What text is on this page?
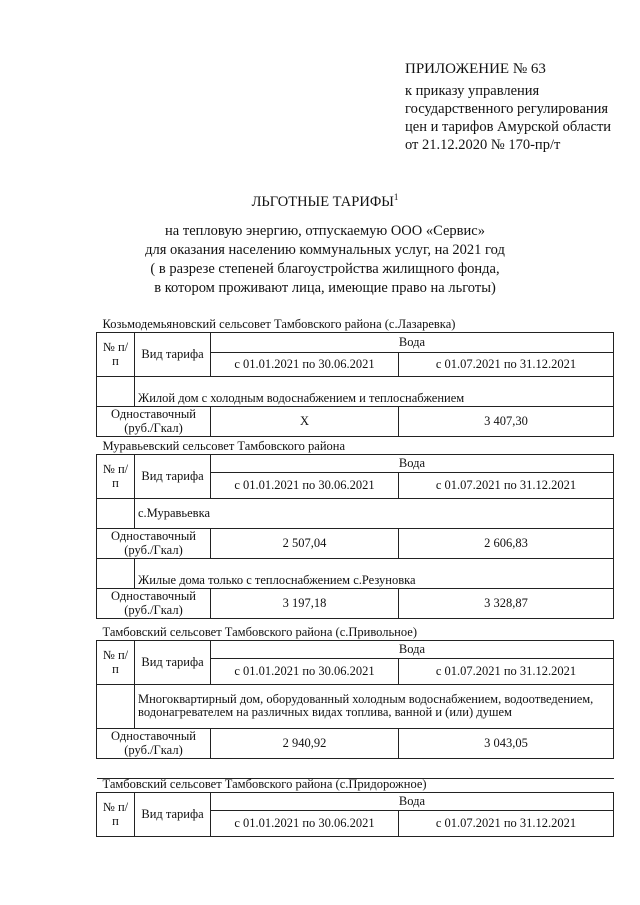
ПРИЛОЖЕНИЕ № 63
к приказу управления
государственного регулирования
цен и тарифов Амурской области
от 21.12.2020 № 170-пр/т
ЛЬГОТНЫЕ ТАРИФЫ$^1$
на тепловую энергию, отпускаемую ООО «Сервис»
для оказания населению коммунальных услуг, на 2021 год
( в разрезе степеней благоустройства жилищного фонда,
в котором проживают лица, имеющие право на льготы)
Козьмодемьяновский сельсовет Тамбовского района (с.Лазаревка)			
№ п/п	Вид тарифа	Вода	
		с 01.01.2021 по 30.06.2021	с 01.07.2021 по 31.12.2021
	Жилой дом с холодным водоснабжением и теплоснабжением		
Одноставочный (руб./Гкал)		Х	3 407,30
Муравьевский сельсовет Тамбовского района			
№ п/п	Вид тарифа	Вода	
		с 01.01.2021 по 30.06.2021	с 01.07.2021 по 31.12.2021
	с.Муравьевка		
Одноставочный (руб./Гкал)		2 507,04	2 606,83
	Жилые дома только с теплоснабжением с.Резуновка		
Одноставочный (руб./Гкал)		3 197,18	3 328,87
Тамбовский сельсовет Тамбовского района (с.Привольное)			
№ п/п	Вид тарифа	Вода	
		с 01.01.2021 по 30.06.2021	с 01.07.2021 по 31.12.2021
	Многоквартирный дом, оборудованный холодным водоснабжением, водоотведением, водонагревателем на различных видах топлива, ванной и (или) душем		
Одноставочный (руб./Гкал)		2 940,92	3 043,05

Тамбовский сельсовет Тамбовского района (с.Придорожное)			
№ п/п	Вид тарифа	Вода	
		с 01.01.2021 по 30.06.2021	с 01.07.2021 по 31.12.2021
